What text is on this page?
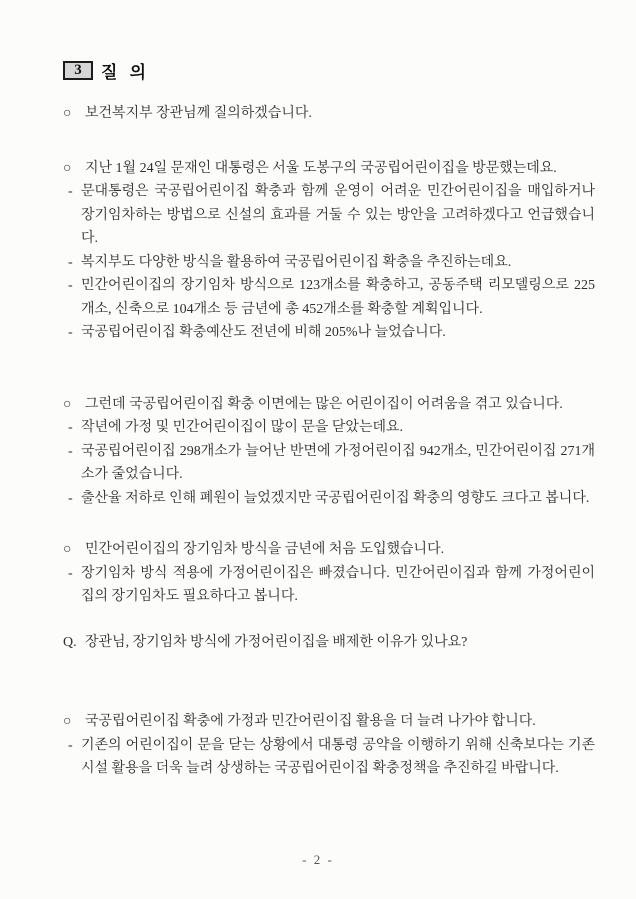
3	질 의
○ 보건복지부 장관님께 질의하겠습니다.
○ 지난 1월 24일 문재인 대통령은 서울 도봉구의 국공립어린이집을 방문했는데요.
- 문대통령은 국공립어린이집 확충과 함께 운영이 어려운 민간어린이집을 매입하거나 장기임차하는 방법으로 신설의 효과를 거둘 수 있는 방안을 고려하겠다고 언급했습니다.
- 복지부도 다양한 방식을 활용하여 국공립어린이집 확충을 추진하는데요.
- 민간어린이집의 장기임차 방식으로 123개소를 확충하고, 공동주택 리모델링으로 225개소, 신축으로 104개소 등 금년에 총 452개소를 확충할 계획입니다.
- 국공립어린이집 확충예산도 전년에 비해 205%나 늘었습니다.
○ 그런데 국공립어린이집 확충 이면에는 많은 어린이집이 어려움을 겪고 있습니다.
- 작년에 가정 및 민간어린이집이 많이 문을 닫았는데요.
- 국공립어린이집 298개소가 늘어난 반면에 가정어린이집 942개소, 민간어린이집 271개소가 줄었습니다.
- 출산율 저하로 인해 폐원이 늘었겠지만 국공립어린이집 확충의 영향도 크다고 봅니다.
○ 민간어린이집의 장기임차 방식을 금년에 처음 도입했습니다.
- 장기임차 방식 적용에 가정어린이집은 빠졌습니다. 민간어린이집과 함께 가정어린이집의 장기임차도 필요하다고 봅니다.
Q. 장관님, 장기임차 방식에 가정어린이집을 배제한 이유가 있나요?
○ 국공립어린이집 확충에 가정과 민간어린이집 활용을 더 늘려 나가야 합니다.
- 기존의 어린이집이 문을 닫는 상황에서 대통령 공약을 이행하기 위해 신축보다는 기존 시설 활용을 더욱 늘려 상생하는 국공립어린이집 확충정책을 추진하길 바랍니다.
- 2 -
